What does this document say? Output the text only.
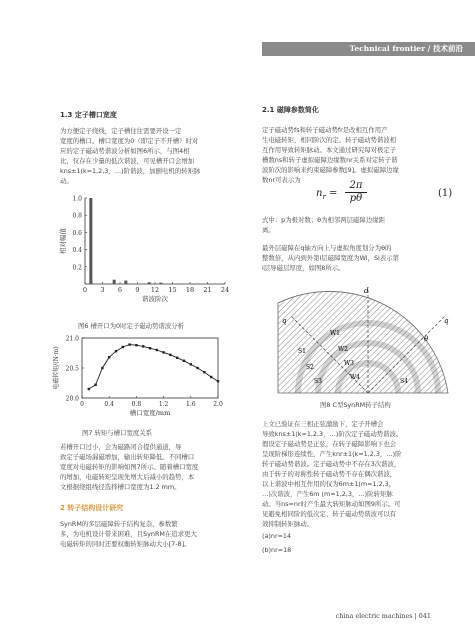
Technical frontier / 技术前沿
1.3 定子槽口宽度
为方便定子绕线，定子槽往往需要开设一定
宽度的槽口。槽口宽度为0（即定子不开槽）时对
应的定子磁动势谐波分析如图6所示，与图4相
比，仅存在少量的低次谐波，可见槽开口会增加
kns±1(k=1,2,3，…)阶谐波，加剧电机的转矩脉
动。
0.2
0.4
0.6
0.8
1.0
0 3 6 9 12 15 18 21 24
相对幅值
谐波阶次
图6 槽开口为0时定子磁动势谐波分析
20.0
20.5
21.0
0	0.4	0.8	1.2	1.6	2.0
电磁转矩/(N·m)
槽口宽度/mm
图7 转矩与槽口宽度关系
若槽开口过小，会为磁路闭合提供通道，导
致定子磁场漏磁增加，输出转矩降低。不同槽口
宽度对电磁转矩的影响如图7所示。随着槽口宽度
的增加，电磁转矩呈现先增大后减小的趋势，本
文根据绕组线径选择槽口宽度为1.2 mm。
2 转子结构设计研究
SynRM的多层磁障转子结构复杂、参数繁
多，为电机设计带来困难，且SynRM在追求更大
电磁转矩的同时还要权衡转矩脉动大小[7-8]。
2.1 磁障参数简化
定子磁动势fs和转子磁动势fr是改相互作用产
生电磁转矩，相同阶次的定、转子磁动势谐波相
互作用导致转矩脉动。本文通过研究每对极定子
槽数ns和转子虚拟磁障边缘数nr关系对定转子谐
波阶次的影响来约束磁障参数[9]。虚拟磁障边缘
数nr可表示为
$n_r = \frac{2\pi}{p\theta}$	(1)
式中：p为极对数；θ为相邻两层磁障边缘距
离。
最外层磁障在q轴方向上与虚拟角度划分为θ的
整数倍，从内到外第i层磁障宽度为Wi，Si表示第
i层导磁层厚度，如图8所示。
d
q
q
W1
W2
W3
W4
S1
S2
S3	S4
θ
图8 C型SynRM转子结构
上文已验证在三相正弦激励下，定子开槽会
导致kns±1(k=1,2,3，…)阶次定子磁动势谐波。
假设定子磁动势是正弦，在转子磁障影响下也会
呈现阶梯形连续性，产生knr±1(k=1,2,3，…)阶
转子磁动势谐波。定子磁动势中不存在3次谐波，
由于转子的对称性转子磁动势不存在偶次谐波，
以上谐波中相互作用的仅为6m±1(m=1,2,3，
…)次谐波，产生6m (m=1,2,3，…)阶转矩脉
动。当ns=nr时产生最大转矩脉动如图9所示。可
见避免相同阶的低次定、转子磁动势谐波可以有
效抑制转矩脉动。
(a)nr=14
(b)nr=18
china electric machines | 041
